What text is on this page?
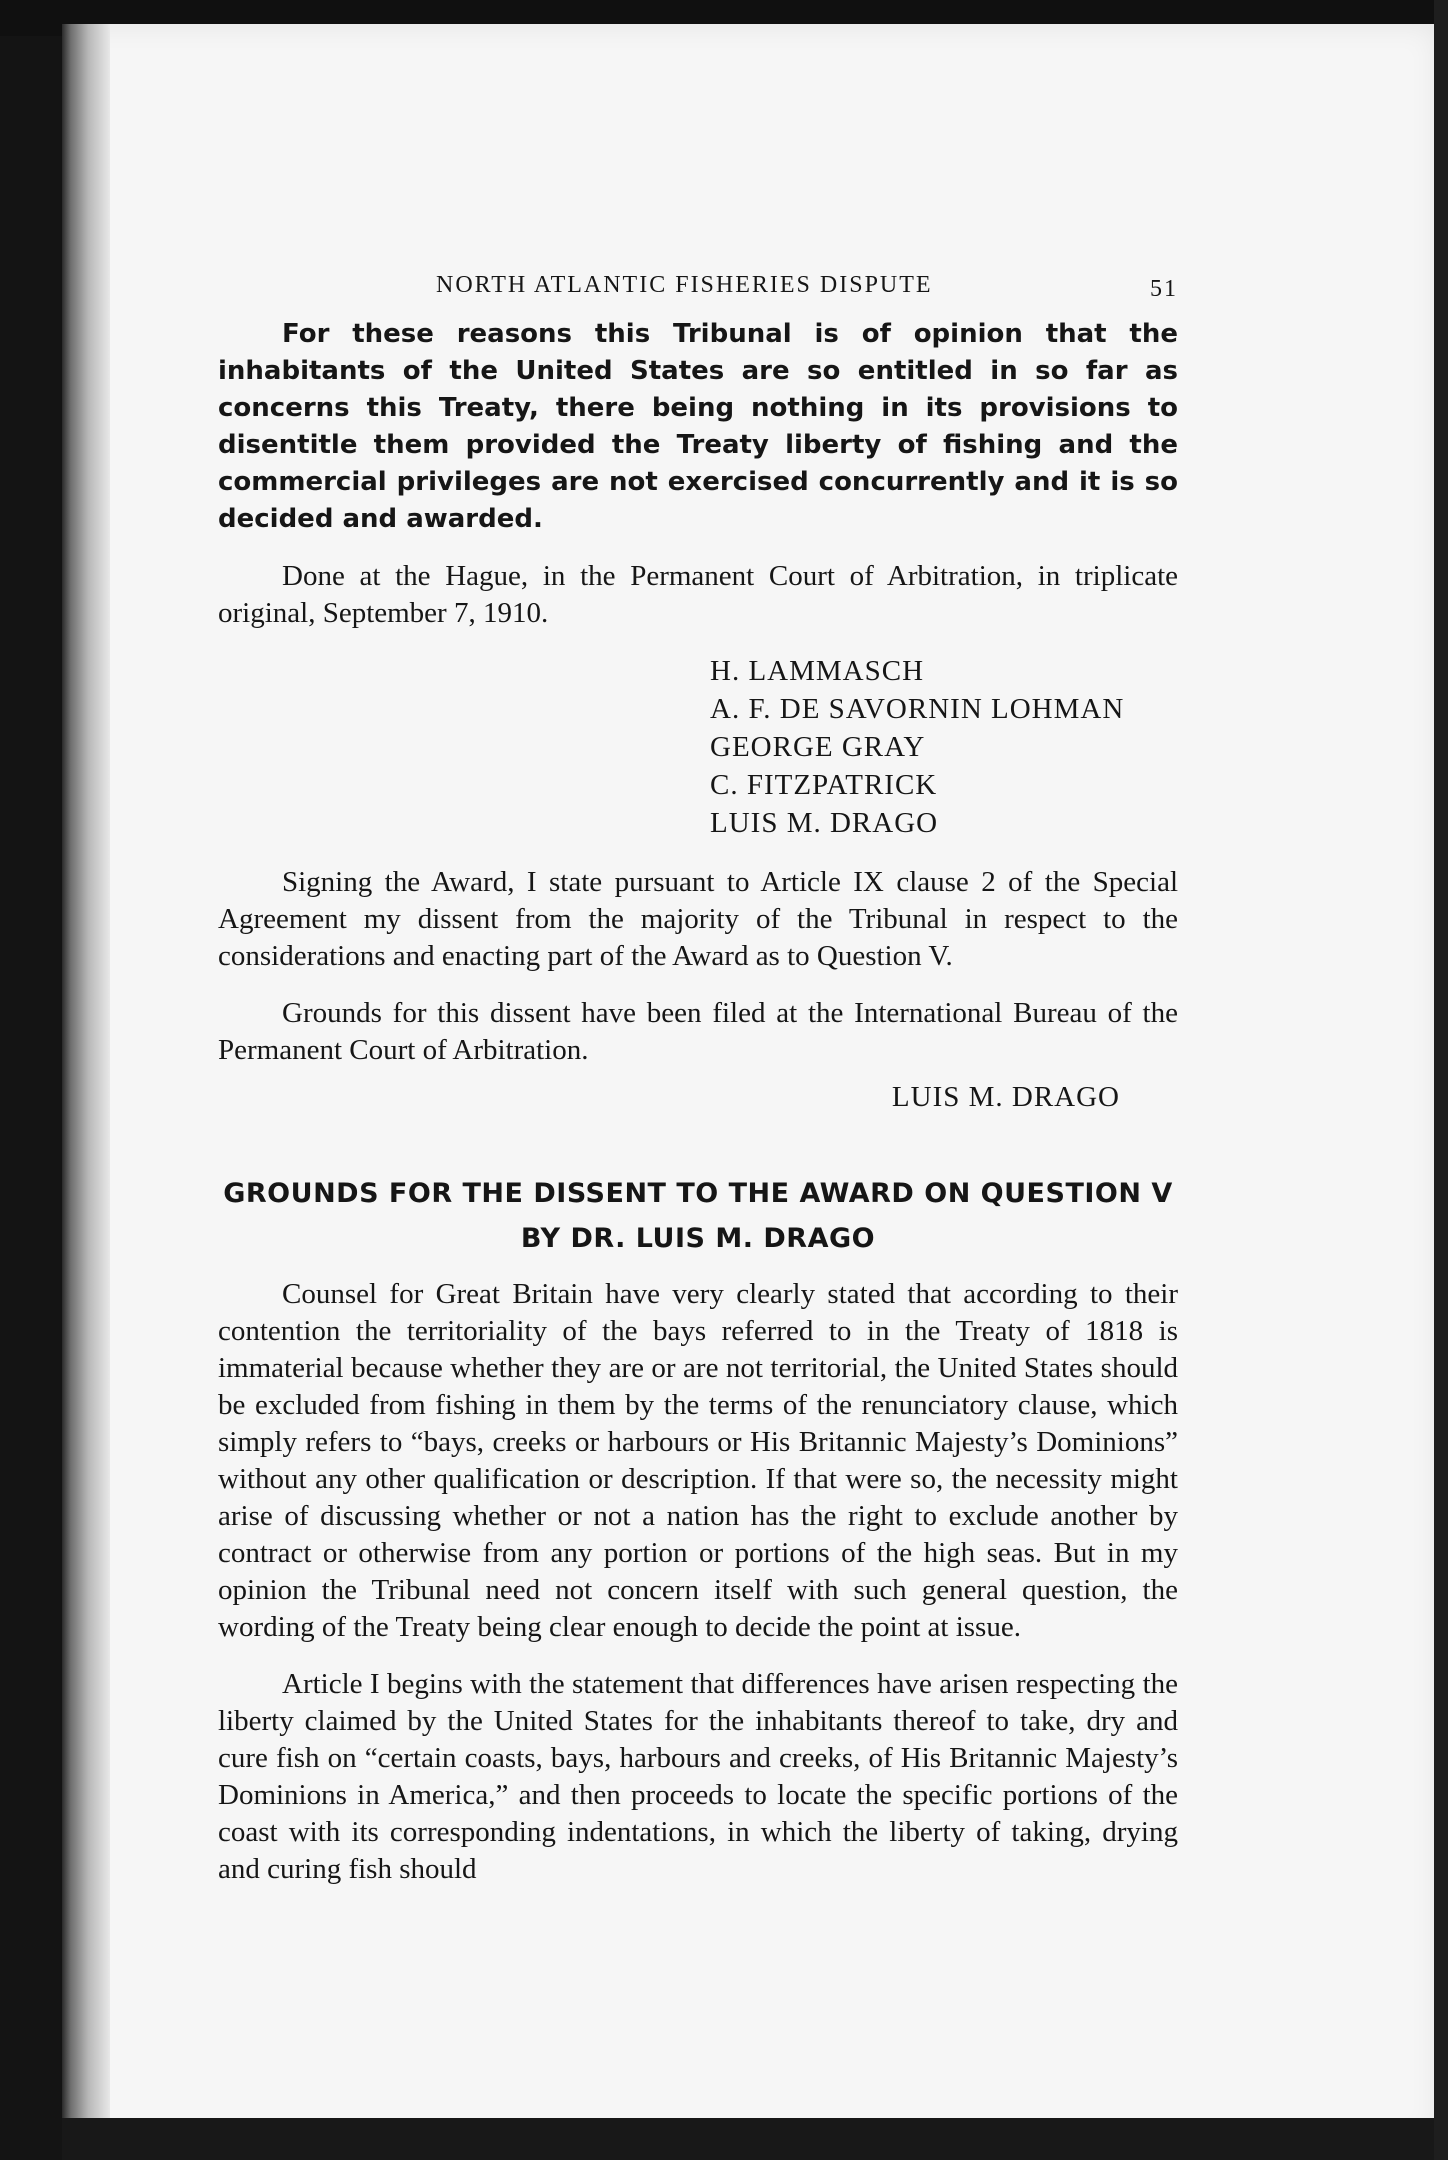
NORTH ATLANTIC FISHERIES DISPUTE	51

For these reasons this Tribunal is of opinion that the inhabitants of the United States are so entitled in so far as concerns this Treaty, there being nothing in its provisions to disentitle them provided the Treaty liberty of fishing and the commercial privileges are not exercised concurrently and it is so decided and awarded.

Done at the Hague, in the Permanent Court of Arbitration, in triplicate original, September 7, 1910.

H. LAMMASCH
A. F. DE SAVORNIN LOHMAN
GEORGE GRAY
C. FITZPATRICK
LUIS M. DRAGO

Signing the Award, I state pursuant to Article IX clause 2 of the Special Agreement my dissent from the majority of the Tribunal in respect to the considerations and enacting part of the Award as to Question V.

Grounds for this dissent have been filed at the International Bureau of the Permanent Court of Arbitration.

LUIS M. DRAGO
GROUNDS FOR THE DISSENT TO THE AWARD ON QUESTION V
BY DR. LUIS M. DRAGO

Counsel for Great Britain have very clearly stated that according to their contention the territoriality of the bays referred to in the Treaty of 1818 is immaterial because whether they are or are not territorial, the United States should be excluded from fishing in them by the terms of the renunciatory clause, which simply refers to “bays, creeks or harbours or His Britannic Majesty’s Dominions” without any other qualification or description. If that were so, the necessity might arise of discussing whether or not a nation has the right to exclude another by contract or otherwise from any portion or portions of the high seas. But in my opinion the Tribunal need not concern itself with such general question, the wording of the Treaty being clear enough to decide the point at issue.

Article I begins with the statement that differences have arisen respecting the liberty claimed by the United States for the inhabitants thereof to take, dry and cure fish on “certain coasts, bays, harbours and creeks, of His Britannic Majesty’s Dominions in America,” and then proceeds to locate the specific portions of the coast with its corresponding indentations, in which the liberty of taking, drying and curing fish should
